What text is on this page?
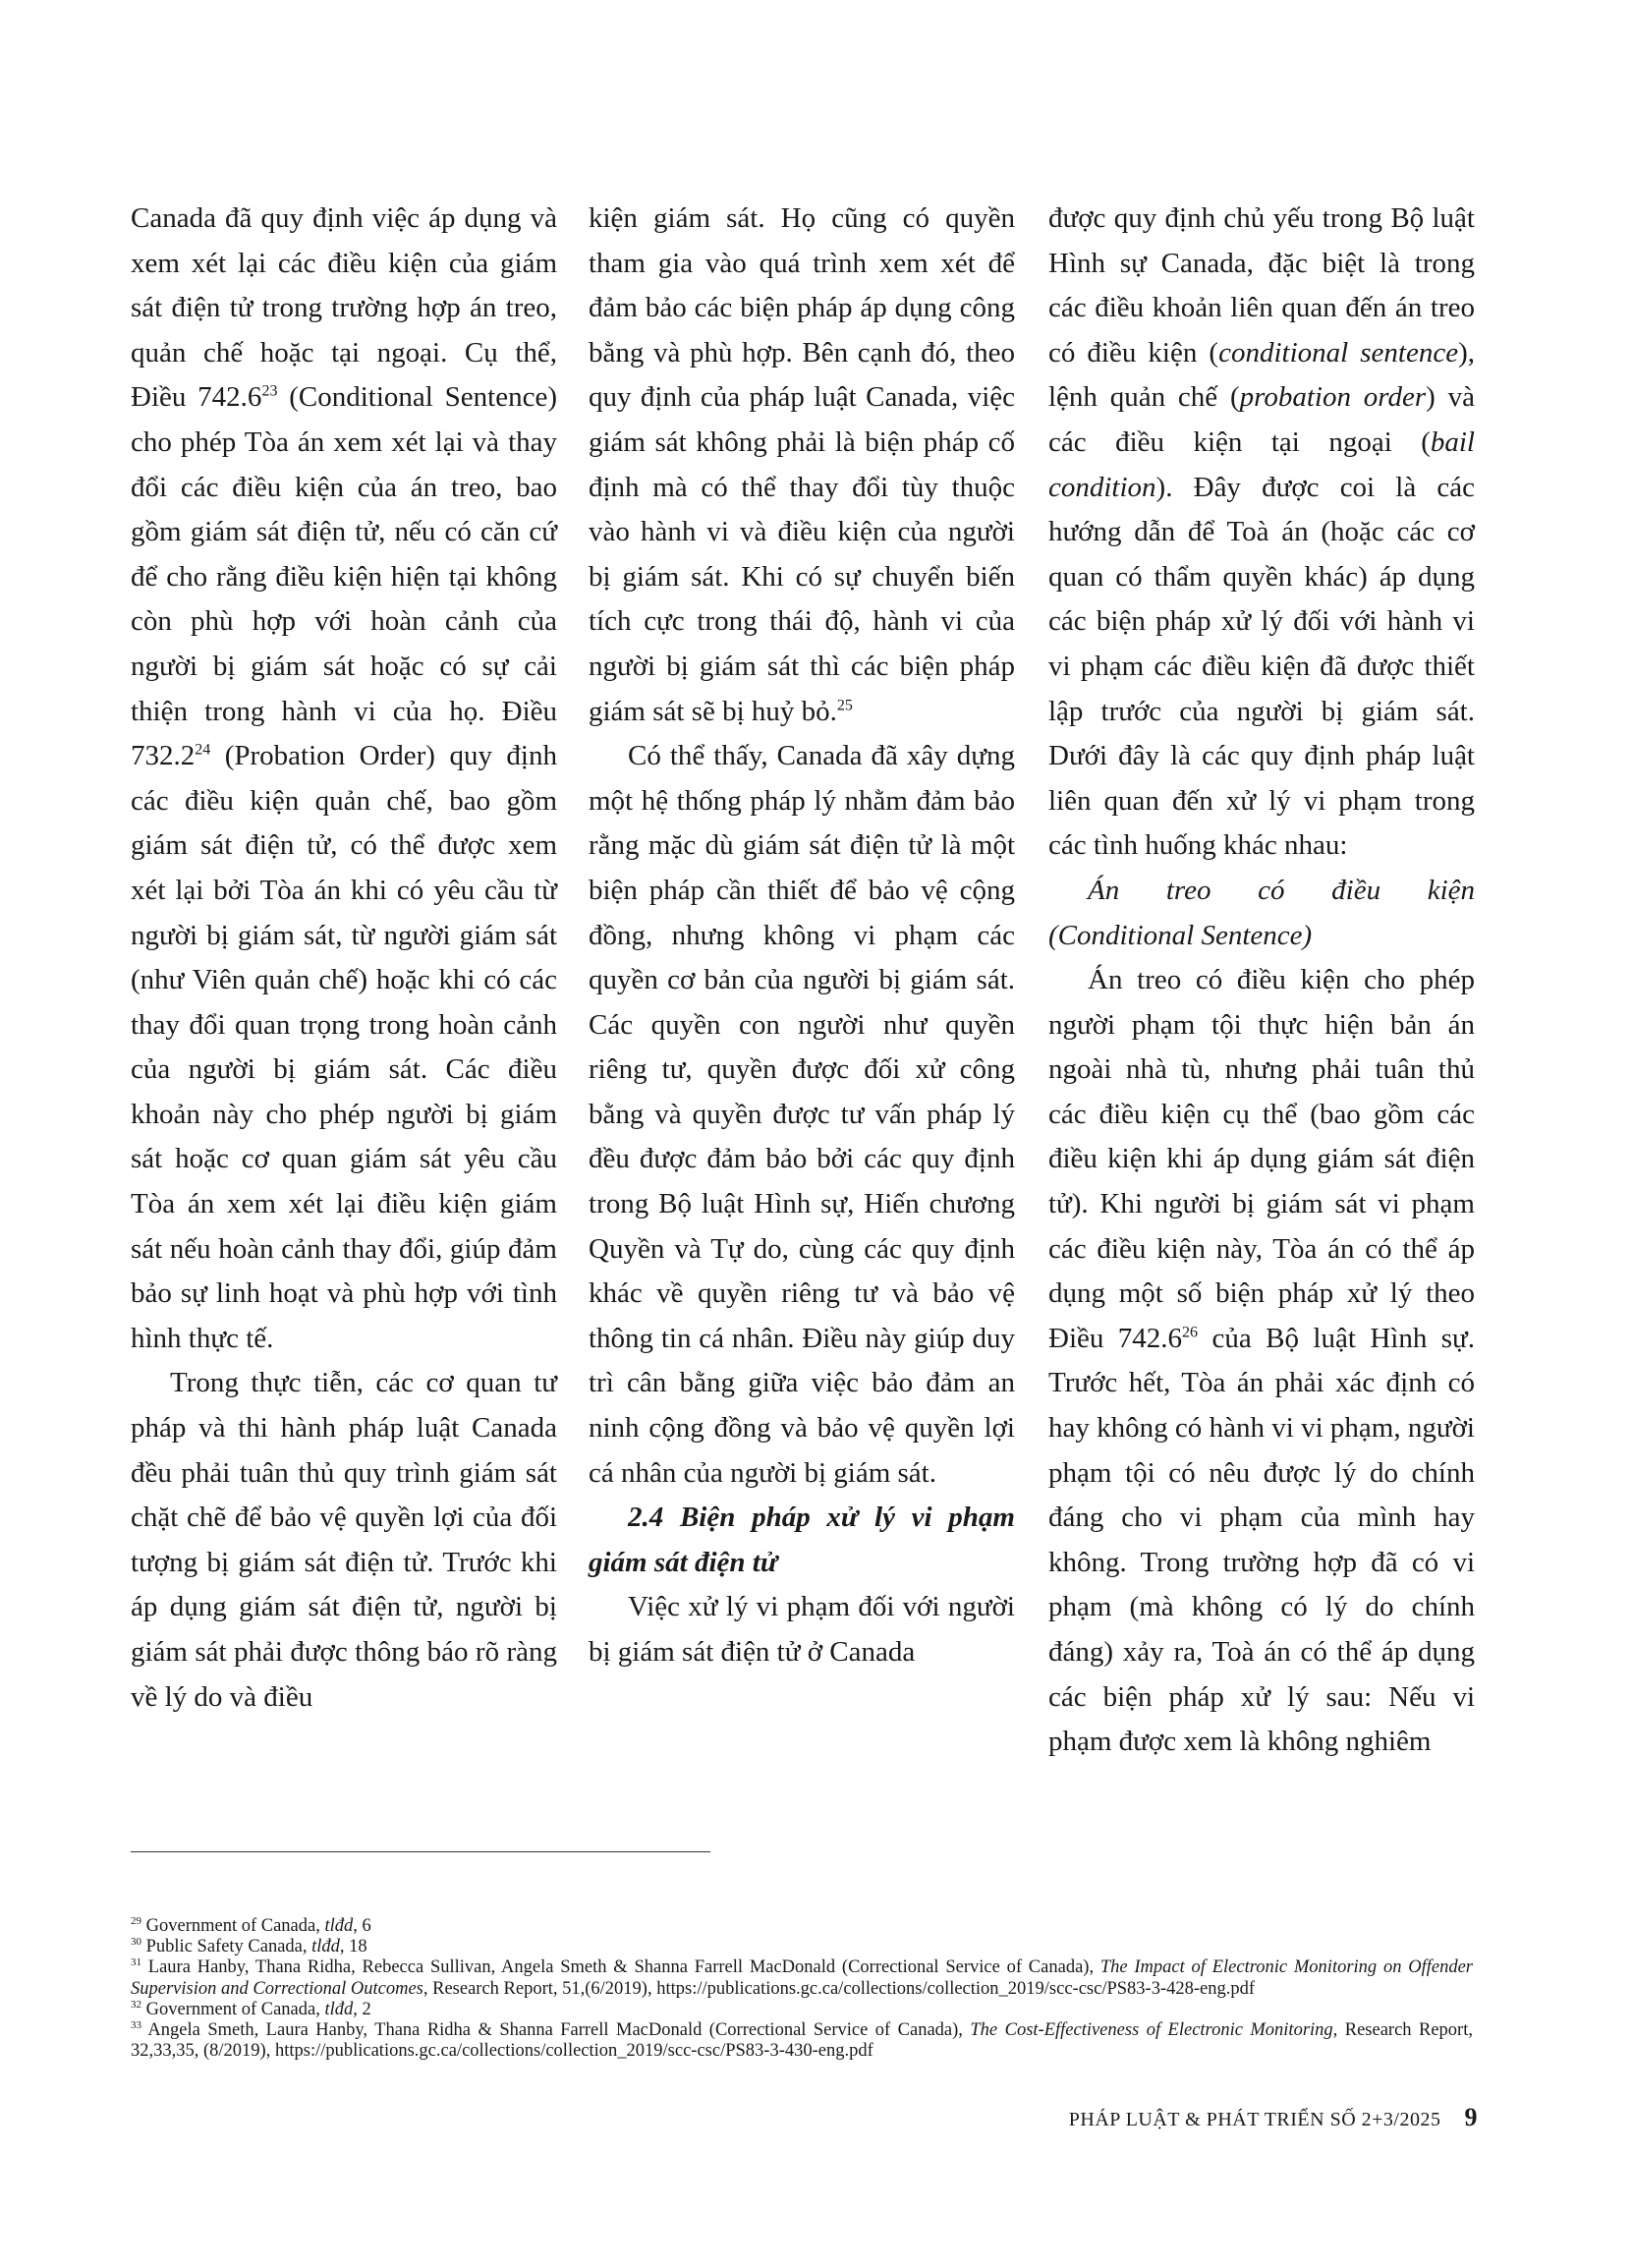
Canada đã quy định việc áp dụng và xem xét lại các điều kiện của giám sát điện tử trong trường hợp án treo, quản chế hoặc tại ngoại. Cụ thể, Điều 742.6$^{23}$ (Conditional Sentence) cho phép Tòa án xem xét lại và thay đổi các điều kiện của án treo, bao gồm giám sát điện tử, nếu có căn cứ để cho rằng điều kiện hiện tại không còn phù hợp với hoàn cảnh của người bị giám sát hoặc có sự cải thiện trong hành vi của họ. Điều 732.2$^{24}$ (Probation Order) quy định các điều kiện quản chế, bao gồm giám sát điện tử, có thể được xem xét lại bởi Tòa án khi có yêu cầu từ người bị giám sát, từ người giám sát (như Viên quản chế) hoặc khi có các thay đổi quan trọng trong hoàn cảnh của người bị giám sát. Các điều khoản này cho phép người bị giám sát hoặc cơ quan giám sát yêu cầu Tòa án xem xét lại điều kiện giám sát nếu hoàn cảnh thay đổi, giúp đảm bảo sự linh hoạt và phù hợp với tình hình thực tế.

Trong thực tiễn, các cơ quan tư pháp và thi hành pháp luật Canada đều phải tuân thủ quy trình giám sát chặt chẽ để bảo vệ quyền lợi của đối tượng bị giám sát điện tử. Trước khi áp dụng giám sát điện tử, người bị giám sát phải được thông báo rõ ràng về lý do và điều

kiện giám sát. Họ cũng có quyền tham gia vào quá trình xem xét để đảm bảo các biện pháp áp dụng công bằng và phù hợp. Bên cạnh đó, theo quy định của pháp luật Canada, việc giám sát không phải là biện pháp cố định mà có thể thay đổi tùy thuộc vào hành vi và điều kiện của người bị giám sát. Khi có sự chuyển biến tích cực trong thái độ, hành vi của người bị giám sát thì các biện pháp giám sát sẽ bị huỷ bỏ.$^{25}$

Có thể thấy, Canada đã xây dựng một hệ thống pháp lý nhằm đảm bảo rằng mặc dù giám sát điện tử là một biện pháp cần thiết để bảo vệ cộng đồng, nhưng không vi phạm các quyền cơ bản của người bị giám sát. Các quyền con người như quyền riêng tư, quyền được đối xử công bằng và quyền được tư vấn pháp lý đều được đảm bảo bởi các quy định trong Bộ luật Hình sự, Hiến chương Quyền và Tự do, cùng các quy định khác về quyền riêng tư và bảo vệ thông tin cá nhân. Điều này giúp duy trì cân bằng giữa việc bảo đảm an ninh cộng đồng và bảo vệ quyền lợi cá nhân của người bị giám sát.

2.4 Biện pháp xử lý vi phạm giám sát điện tử

Việc xử lý vi phạm đối với người bị giám sát điện tử ở Canada

được quy định chủ yếu trong Bộ luật Hình sự Canada, đặc biệt là trong các điều khoản liên quan đến án treo có điều kiện (conditional sentence), lệnh quản chế (probation order) và các điều kiện tại ngoại (bail condition). Đây được coi là các hướng dẫn để Toà án (hoặc các cơ quan có thẩm quyền khác) áp dụng các biện pháp xử lý đối với hành vi vi phạm các điều kiện đã được thiết lập trước của người bị giám sát. Dưới đây là các quy định pháp luật liên quan đến xử lý vi phạm trong các tình huống khác nhau:

Án treo có điều kiện

(Conditional Sentence)

Án treo có điều kiện cho phép người phạm tội thực hiện bản án ngoài nhà tù, nhưng phải tuân thủ các điều kiện cụ thể (bao gồm các điều kiện khi áp dụng giám sát điện tử). Khi người bị giám sát vi phạm các điều kiện này, Tòa án có thể áp dụng một số biện pháp xử lý theo Điều 742.6$^{26}$ của Bộ luật Hình sự. Trước hết, Tòa án phải xác định có hay không có hành vi vi phạm, người phạm tội có nêu được lý do chính đáng cho vi phạm của mình hay không. Trong trường hợp đã có vi phạm (mà không có lý do chính đáng) xảy ra, Toà án có thể áp dụng các biện pháp xử lý sau: Nếu vi phạm được xem là không nghiêm

$^{29}$ Government of Canada, tlđd, 6

$^{30}$ Public Safety Canada, tlđd, 18

$^{31}$ Laura Hanby, Thana Ridha, Rebecca Sullivan, Angela Smeth & Shanna Farrell MacDonald (Correctional Service of Canada), The Impact of Electronic Monitoring on Offender Supervision and Correctional Outcomes, Research Report, 51,(6/2019), https://publications.gc.ca/collections/collection_2019/scc-csc/PS83-3-428-eng.pdf

$^{32}$ Government of Canada, tlđd, 2

$^{33}$ Angela Smeth, Laura Hanby, Thana Ridha & Shanna Farrell MacDonald (Correctional Service of Canada), The Cost-Effectiveness of Electronic Monitoring, Research Report, 32,33,35, (8/2019), https://publications.gc.ca/collections/collection_2019/scc-csc/PS83-3-430-eng.pdf

PHÁP LUẬT & PHÁT TRIỂN SỐ 2+3/2025 9
